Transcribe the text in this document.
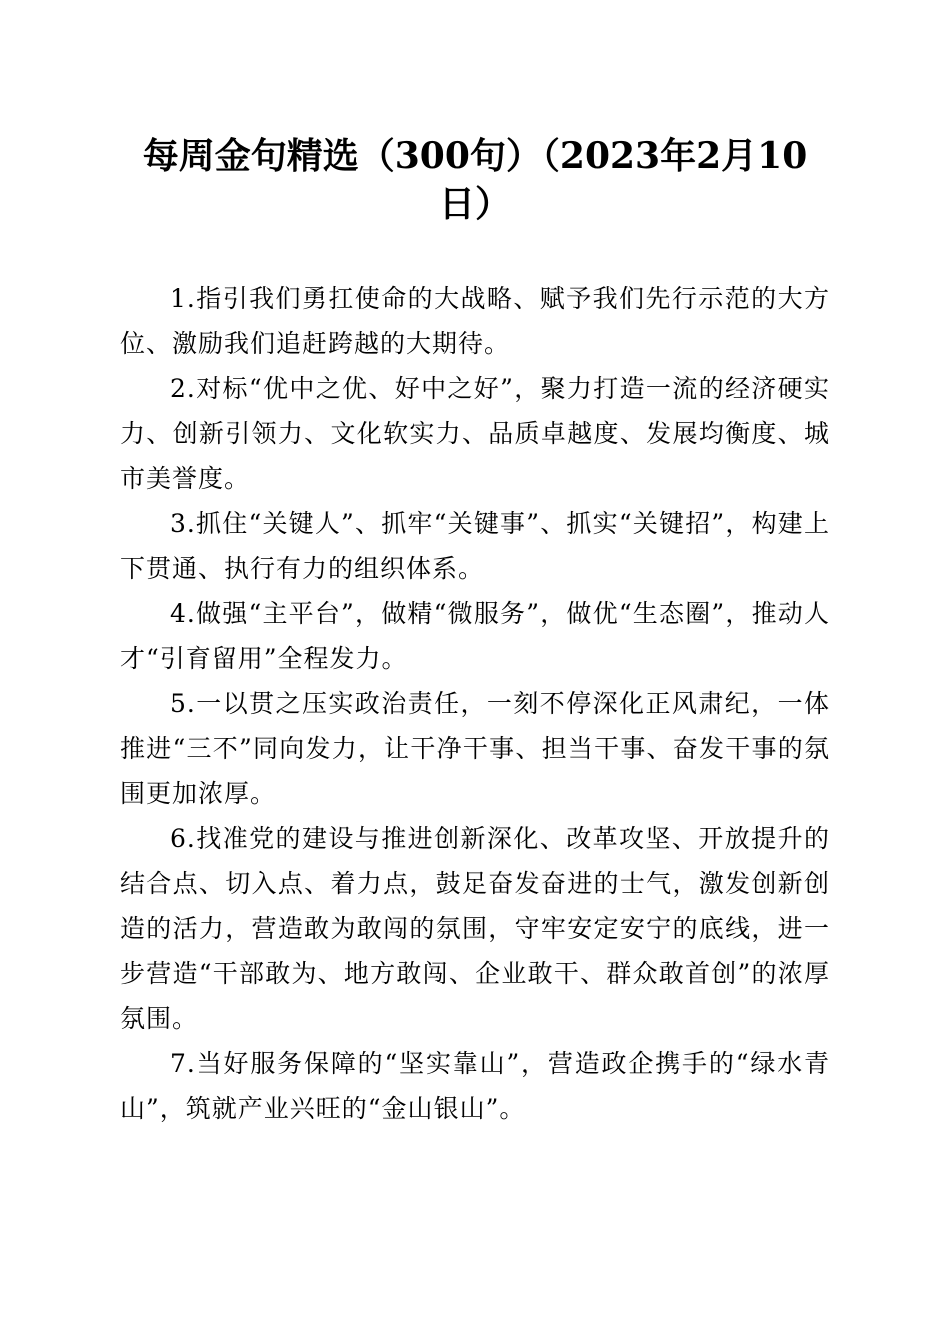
每周金句精选（300句）（2023年2月10日）

1.指引我们勇扛使命的大战略、赋予我们先行示范的大方位、激励我们追赶跨越的大期待。

2.对标“优中之优、好中之好”，聚力打造一流的经济硬实力、创新引领力、文化软实力、品质卓越度、发展均衡度、城市美誉度。

3.抓住“关键人”、抓牢“关键事”、抓实“关键招”，构建上下贯通、执行有力的组织体系。

4.做强“主平台”，做精“微服务”，做优“生态圈”，推动人才“引育留用”全程发力。

5.一以贯之压实政治责任，一刻不停深化正风肃纪，一体推进“三不”同向发力，让干净干事、担当干事、奋发干事的氛围更加浓厚。

6.找准党的建设与推进创新深化、改革攻坚、开放提升的结合点、切入点、着力点，鼓足奋发奋进的士气，激发创新创造的活力，营造敢为敢闯的氛围，守牢安定安宁的底线，进一步营造“干部敢为、地方敢闯、企业敢干、群众敢首创”的浓厚氛围。

7.当好服务保障的“坚实靠山”，营造政企携手的“绿水青山”，筑就产业兴旺的“金山银山”。
